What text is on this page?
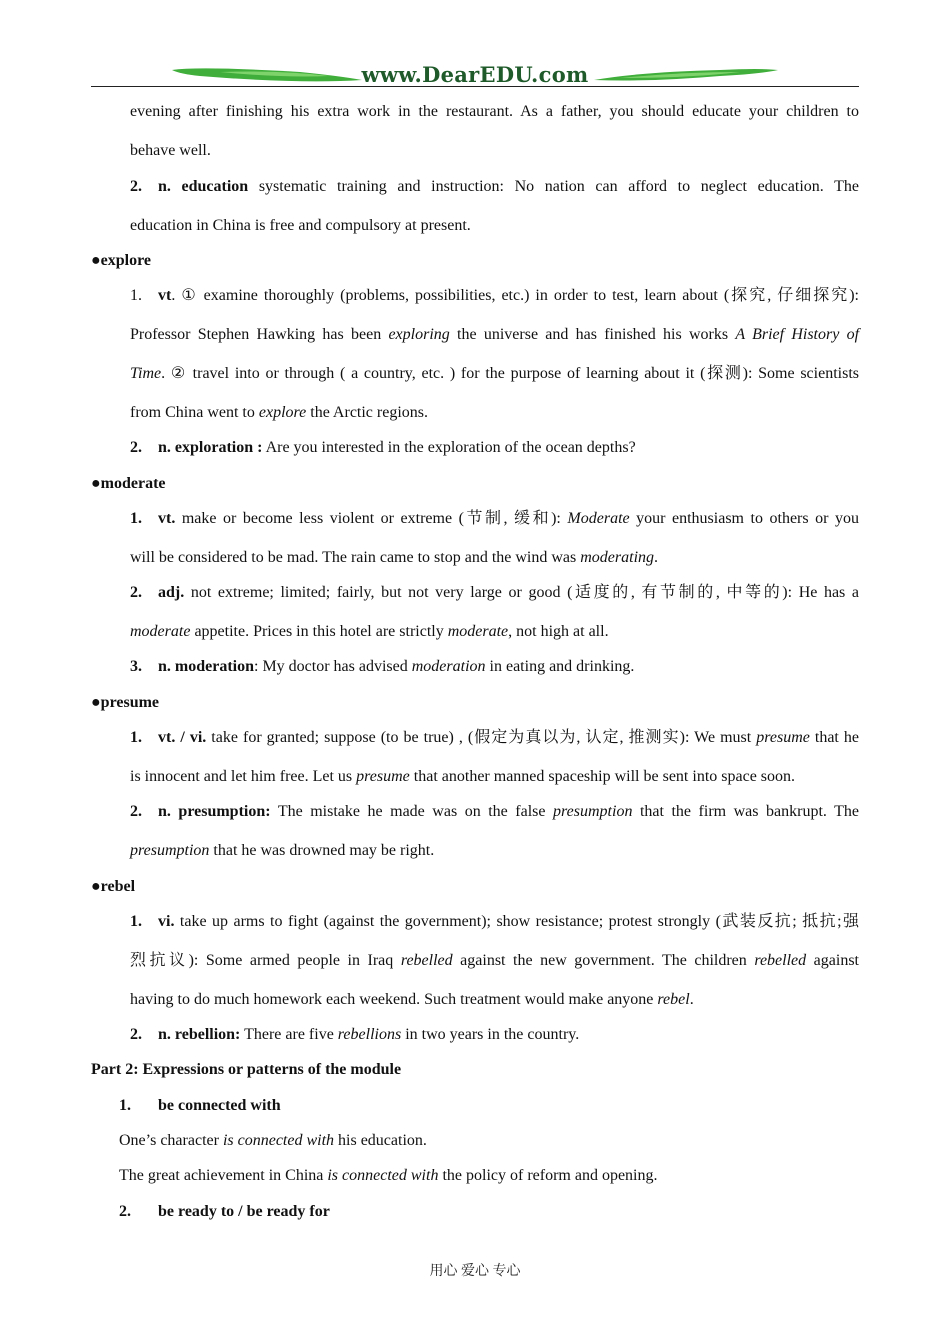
www.DearEDU.com
evening after finishing his extra work in the restaurant. As a father, you should educate your children to
behave well.
2. n. education systematic training and instruction: No nation can afford to neglect education. The
education in China is free and compulsory at present.
●explore
1. vt. ① examine thoroughly (problems, possibilities, etc.) in order to test, learn about (探究, 仔细探究):
Professor Stephen Hawking has been exploring the universe and has finished his works A Brief History of
Time. ② travel into or through ( a country, etc. ) for the purpose of learning about it (探测): Some scientists
from China went to explore the Arctic regions.
2. n. exploration : Are you interested in the exploration of the ocean depths?
●moderate
1. vt. make or become less violent or extreme (节制, 缓和): Moderate your enthusiasm to others or you
will be considered to be mad. The rain came to stop and the wind was moderating.
2. adj. not extreme; limited; fairly, but not very large or good (适度的, 有节制的, 中等的): He has a
moderate appetite. Prices in this hotel are strictly moderate, not high at all.
3. n. moderation: My doctor has advised moderation in eating and drinking.
●presume
1. vt. / vi. take for granted; suppose (to be true) , (假定为真以为, 认定, 推测实): We must presume that he
is innocent and let him free. Let us presume that another manned spaceship will be sent into space soon.
2. n. presumption: The mistake he made was on the false presumption that the firm was bankrupt. The
presumption that he was drowned may be right.
●rebel
1. vi. take up arms to fight (against the government); show resistance; protest strongly (武装反抗; 抵抗;强
烈抗议): Some armed people in Iraq rebelled against the new government. The children rebelled against
having to do much homework each weekend. Such treatment would make anyone rebel.
2. n. rebellion: There are five rebellions in two years in the country.
Part 2: Expressions or patterns of the module
1. be connected with
One’s character is connected with his education.
The great achievement in China is connected with the policy of reform and opening.
2. be ready to / be ready for
用心 爱心 专心
